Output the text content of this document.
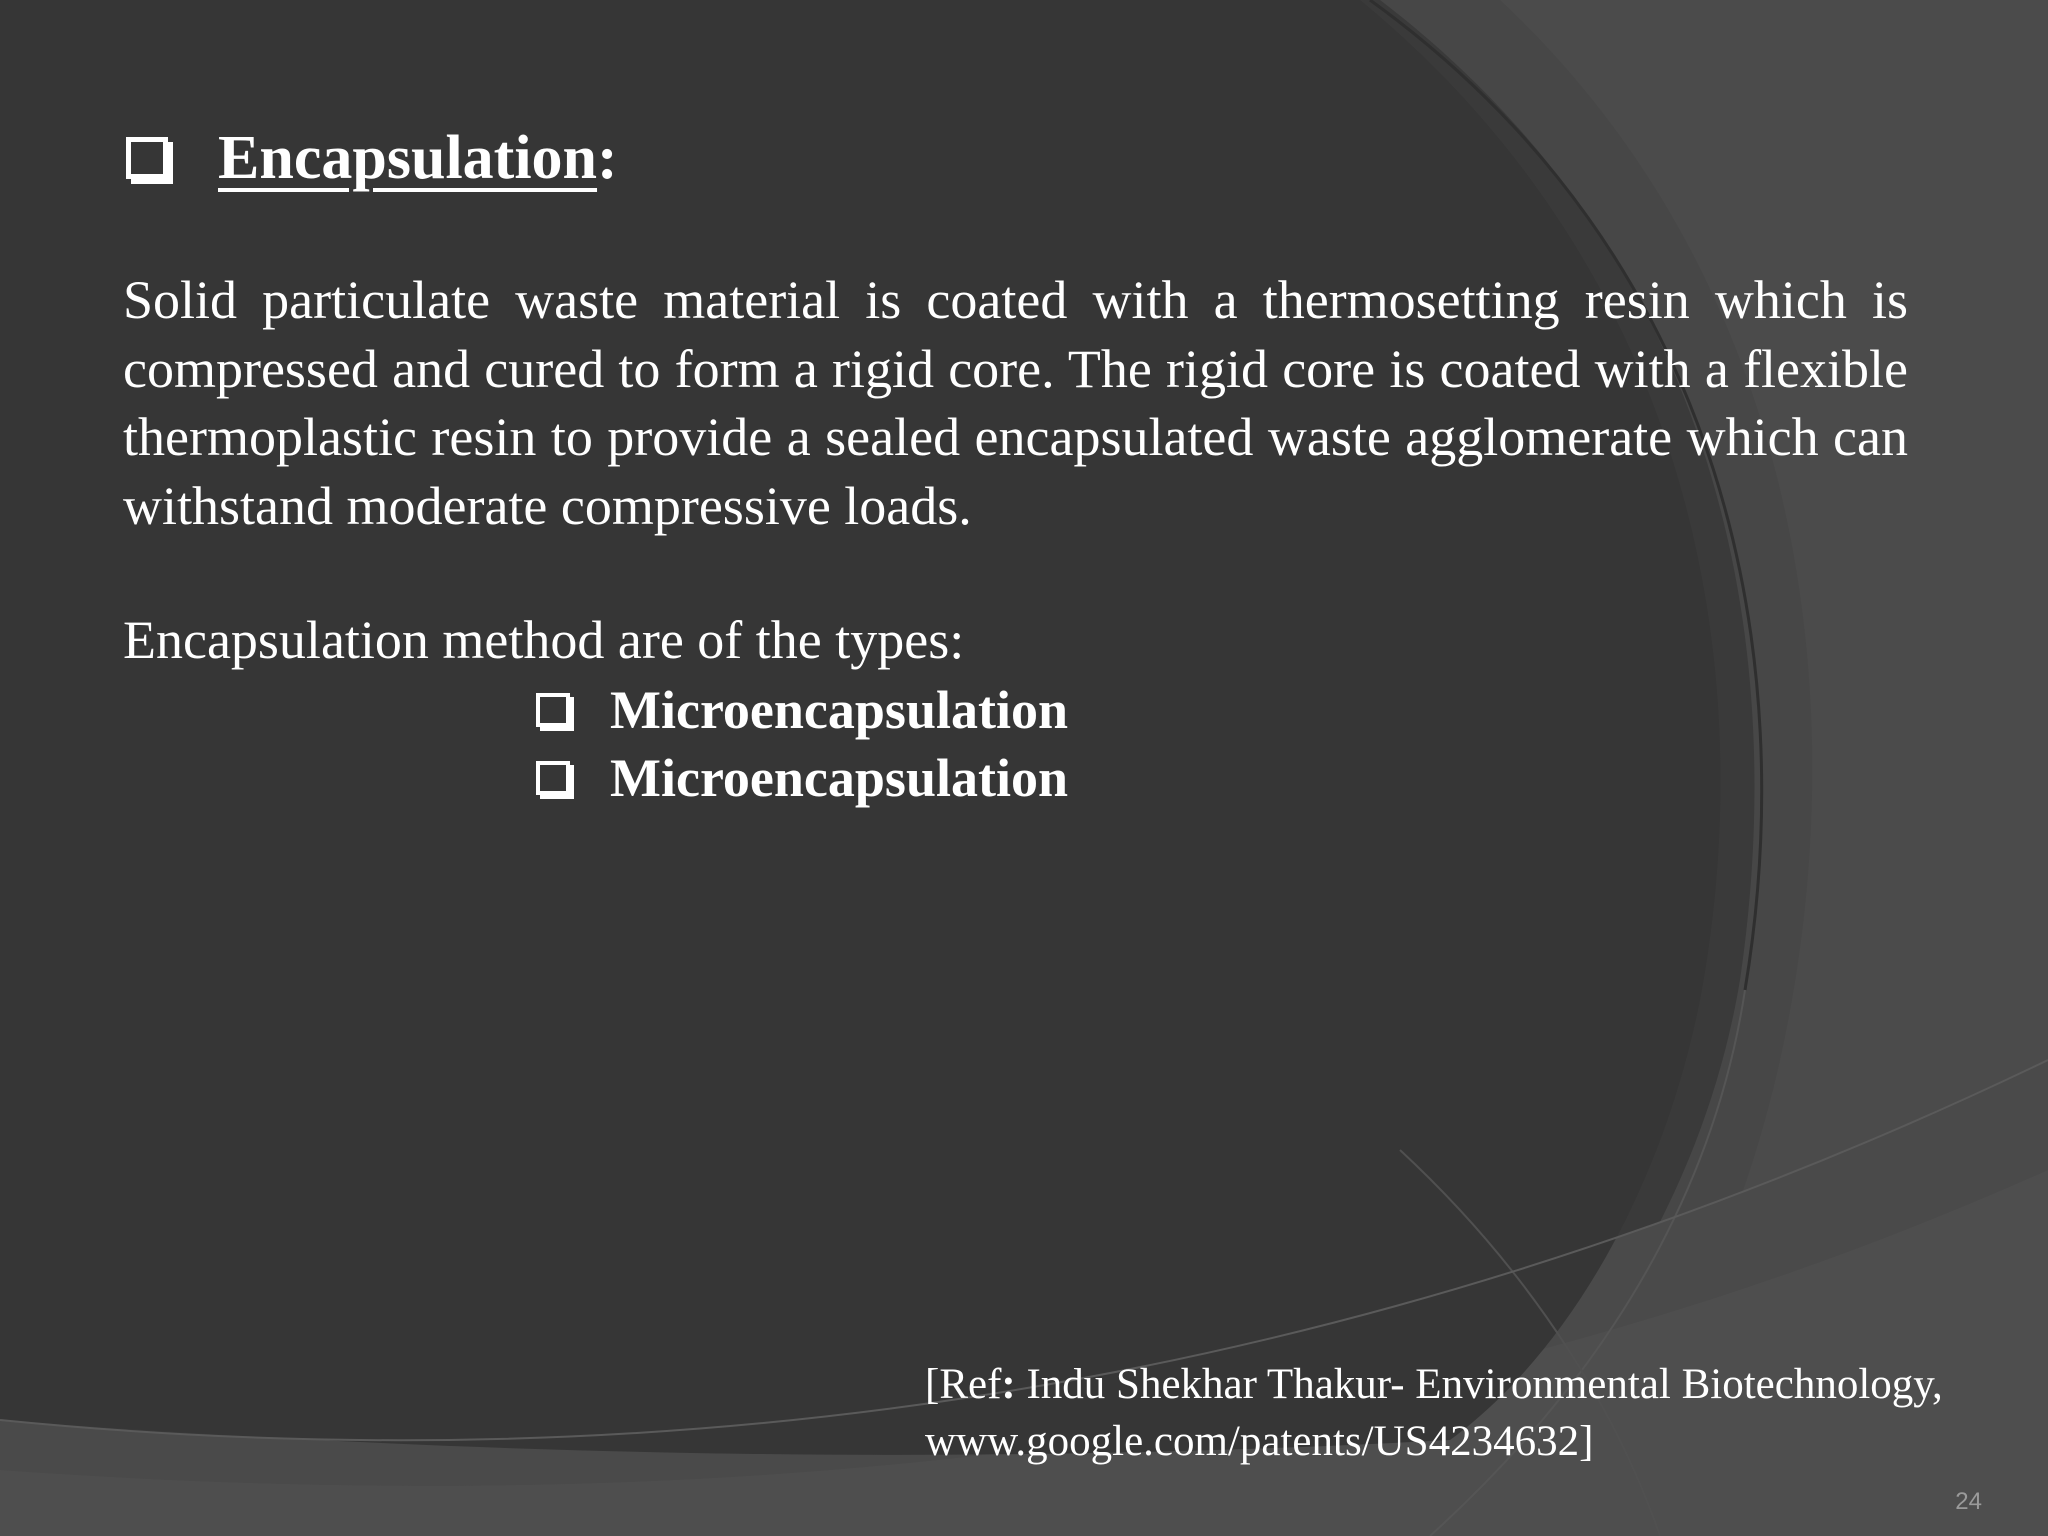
Encapsulation :

Solid particulate waste material is coated with a thermosetting resin which is compressed and cured to form a rigid core. The rigid core is coated with a flexible thermoplastic resin to provide a sealed encapsulated waste agglomerate which can withstand moderate compressive loads.

Encapsulation method are of the types:

Microencapsulation
Microencapsulation

[Ref: Indu Shekhar Thakur- Environmental Biotechnology,
www.google.com/patents/US4234632]

24
